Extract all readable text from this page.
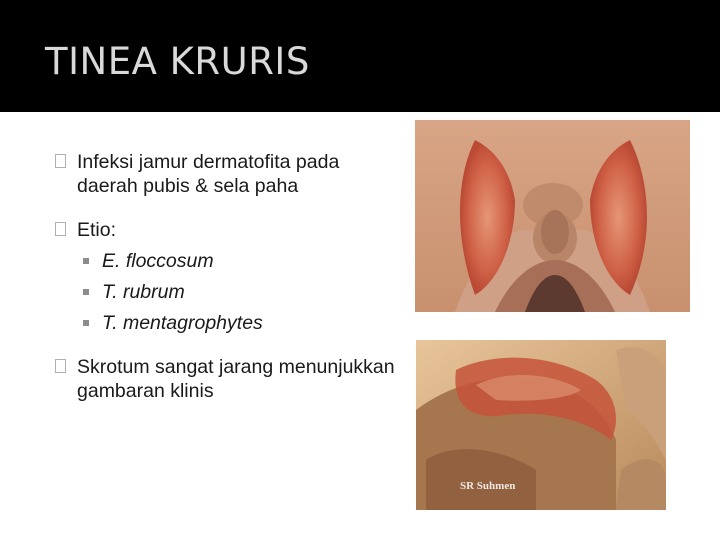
TINEA KRURIS
Infeksi jamur dermatofita pada daerah pubis & sela paha
Etio:
E. floccosum
T. rubrum
T. mentagrophytes
Skrotum sangat jarang menunjukkan gambaran klinis
SR Suhmen
